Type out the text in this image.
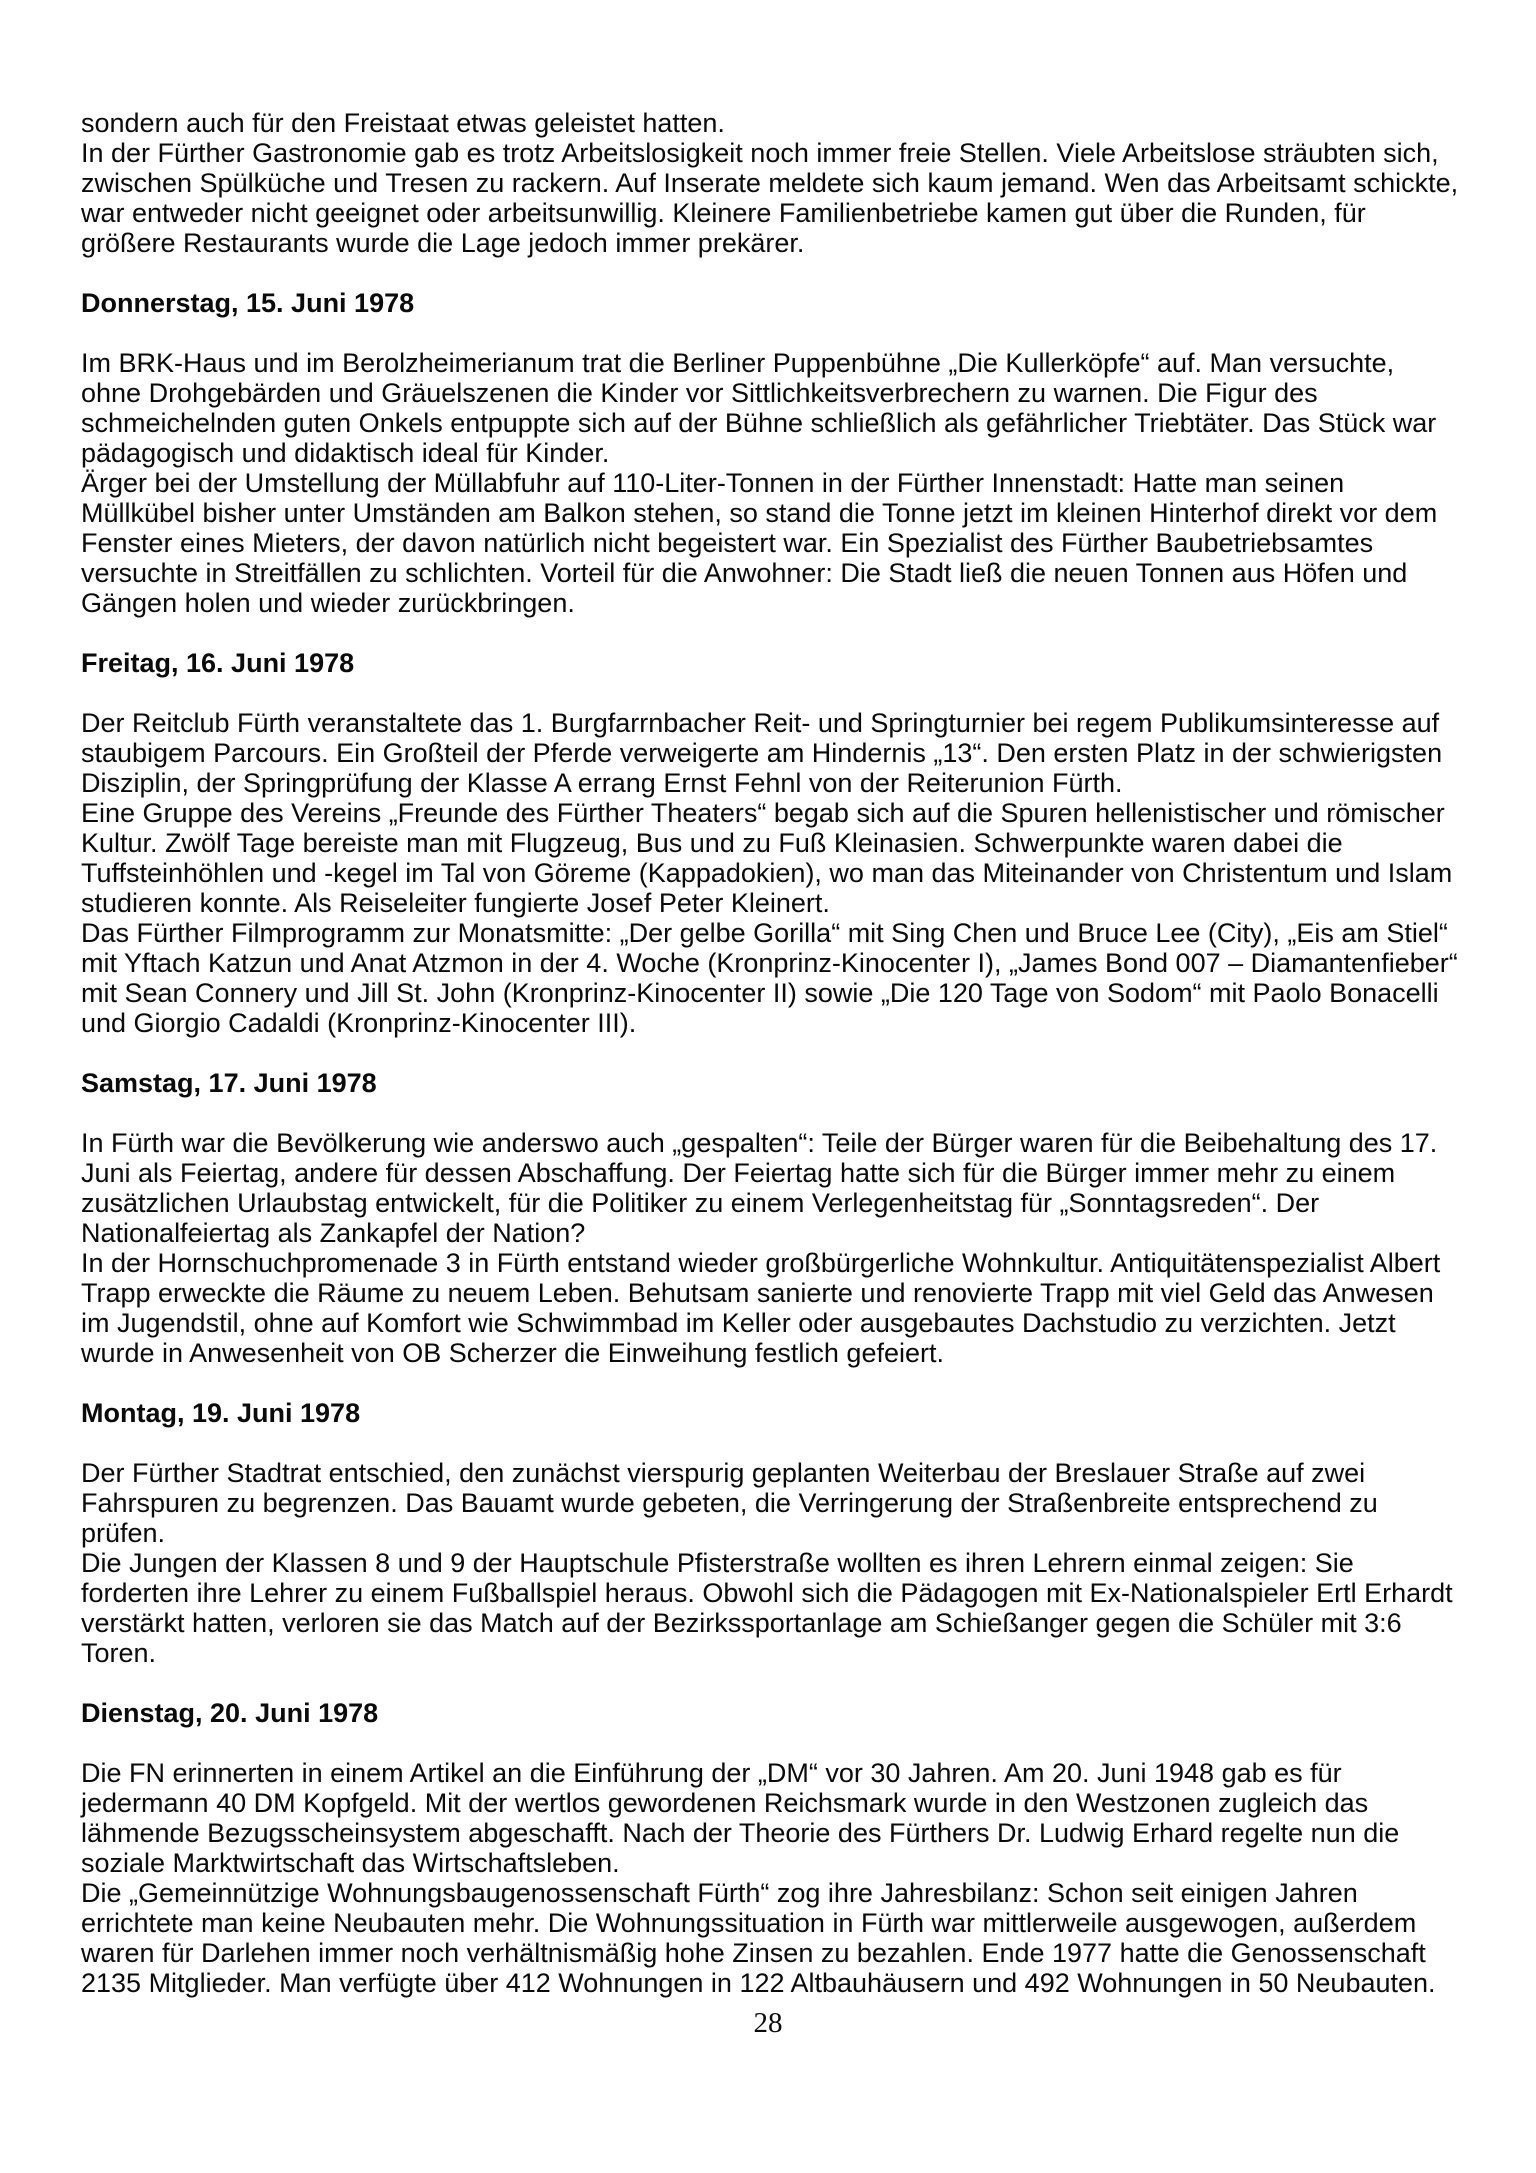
sondern auch für den Freistaat etwas geleistet hatten.
In der Fürther Gastronomie gab es trotz Arbeitslosigkeit noch immer freie Stellen. Viele Arbeitslose sträubten sich,
zwischen Spülküche und Tresen zu rackern. Auf Inserate meldete sich kaum jemand. Wen das Arbeitsamt schickte,
war entweder nicht geeignet oder arbeitsunwillig. Kleinere Familienbetriebe kamen gut über die Runden, für
größere Restaurants wurde die Lage jedoch immer prekärer.
Donnerstag, 15. Juni 1978
Im BRK-Haus und im Berolzheimerianum trat die Berliner Puppenbühne „Die Kullerköpfe“ auf. Man versuchte,
ohne Drohgebärden und Gräuelszenen die Kinder vor Sittlichkeitsverbrechern zu warnen. Die Figur des
schmeichelnden guten Onkels entpuppte sich auf der Bühne schließlich als gefährlicher Triebtäter. Das Stück war
pädagogisch und didaktisch ideal für Kinder.
Ärger bei der Umstellung der Müllabfuhr auf 110-Liter-Tonnen in der Fürther Innenstadt: Hatte man seinen
Müllkübel bisher unter Umständen am Balkon stehen, so stand die Tonne jetzt im kleinen Hinterhof direkt vor dem
Fenster eines Mieters, der davon natürlich nicht begeistert war. Ein Spezialist des Fürther Baubetriebsamtes
versuchte in Streitfällen zu schlichten. Vorteil für die Anwohner: Die Stadt ließ die neuen Tonnen aus Höfen und
Gängen holen und wieder zurückbringen.
Freitag, 16. Juni 1978
Der Reitclub Fürth veranstaltete das 1. Burgfarrnbacher Reit- und Springturnier bei regem Publikumsinteresse auf
staubigem Parcours. Ein Großteil der Pferde verweigerte am Hindernis „13“. Den ersten Platz in der schwierigsten
Disziplin, der Springprüfung der Klasse A errang Ernst Fehnl von der Reiterunion Fürth.
Eine Gruppe des Vereins „Freunde des Fürther Theaters“ begab sich auf die Spuren hellenistischer und römischer
Kultur. Zwölf Tage bereiste man mit Flugzeug, Bus und zu Fuß Kleinasien. Schwerpunkte waren dabei die
Tuffsteinhöhlen und -kegel im Tal von Göreme (Kappadokien), wo man das Miteinander von Christentum und Islam
studieren konnte. Als Reiseleiter fungierte Josef Peter Kleinert.
Das Fürther Filmprogramm zur Monatsmitte: „Der gelbe Gorilla“ mit Sing Chen und Bruce Lee (City), „Eis am Stiel“
mit Yftach Katzun und Anat Atzmon in der 4. Woche (Kronprinz-Kinocenter I), „James Bond 007 – Diamantenfieber“
mit Sean Connery und Jill St. John (Kronprinz-Kinocenter II) sowie „Die 120 Tage von Sodom“ mit Paolo Bonacelli
und Giorgio Cadaldi (Kronprinz-Kinocenter III).
Samstag, 17. Juni 1978
In Fürth war die Bevölkerung wie anderswo auch „gespalten“: Teile der Bürger waren für die Beibehaltung des 17.
Juni als Feiertag, andere für dessen Abschaffung. Der Feiertag hatte sich für die Bürger immer mehr zu einem
zusätzlichen Urlaubstag entwickelt, für die Politiker zu einem Verlegenheitstag für „Sonntagsreden“. Der
Nationalfeiertag als Zankapfel der Nation?
In der Hornschuchpromenade 3 in Fürth entstand wieder großbürgerliche Wohnkultur. Antiquitätenspezialist Albert
Trapp erweckte die Räume zu neuem Leben. Behutsam sanierte und renovierte Trapp mit viel Geld das Anwesen
im Jugendstil, ohne auf Komfort wie Schwimmbad im Keller oder ausgebautes Dachstudio zu verzichten. Jetzt
wurde in Anwesenheit von OB Scherzer die Einweihung festlich gefeiert.
Montag, 19. Juni 1978
Der Fürther Stadtrat entschied, den zunächst vierspurig geplanten Weiterbau der Breslauer Straße auf zwei
Fahrspuren zu begrenzen. Das Bauamt wurde gebeten, die Verringerung der Straßenbreite entsprechend zu
prüfen.
Die Jungen der Klassen 8 und 9 der Hauptschule Pfisterstraße wollten es ihren Lehrern einmal zeigen: Sie
forderten ihre Lehrer zu einem Fußballspiel heraus. Obwohl sich die Pädagogen mit Ex-Nationalspieler Ertl Erhardt
verstärkt hatten, verloren sie das Match auf der Bezirkssportanlage am Schießanger gegen die Schüler mit 3:6
Toren.
Dienstag, 20. Juni 1978
Die FN erinnerten in einem Artikel an die Einführung der „DM“ vor 30 Jahren. Am 20. Juni 1948 gab es für
jedermann 40 DM Kopfgeld. Mit der wertlos gewordenen Reichsmark wurde in den Westzonen zugleich das
lähmende Bezugsscheinsystem abgeschafft. Nach der Theorie des Fürthers Dr. Ludwig Erhard regelte nun die
soziale Marktwirtschaft das Wirtschaftsleben.
Die „Gemeinnützige Wohnungsbaugenossenschaft Fürth“ zog ihre Jahresbilanz: Schon seit einigen Jahren
errichtete man keine Neubauten mehr. Die Wohnungssituation in Fürth war mittlerweile ausgewogen, außerdem
waren für Darlehen immer noch verhältnismäßig hohe Zinsen zu bezahlen. Ende 1977 hatte die Genossenschaft
2135 Mitglieder. Man verfügte über 412 Wohnungen in 122 Altbauhäusern und 492 Wohnungen in 50 Neubauten.
28
